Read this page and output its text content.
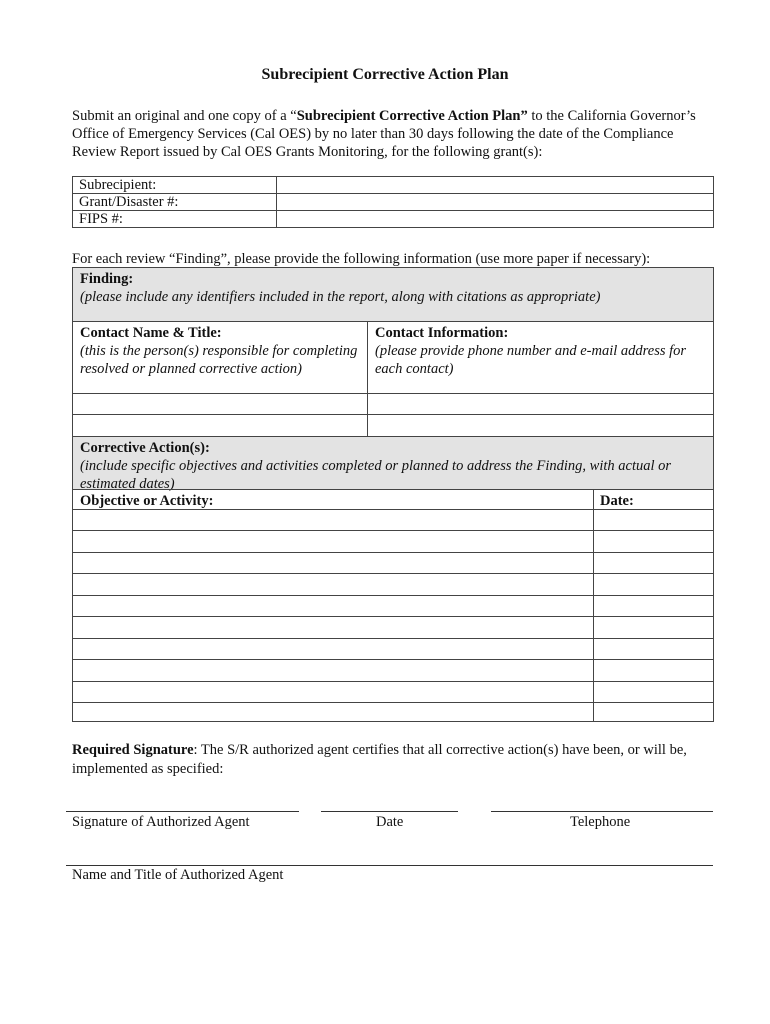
Subrecipient Corrective Action Plan
Submit an original and one copy of a “Subrecipient Corrective Action Plan” to the California Governor’s Office of Emergency Services (Cal OES) by no later than 30 days following the date of the Compliance Review Report issued by Cal OES Grants Monitoring, for the following grant(s):
Subrecipient:	
Grant/Disaster #:	
FIPS #:	
For each review “Finding”, please provide the following information (use more paper if necessary):
Finding:
(please include any identifiers included in the report, along with citations as appropriate)
Contact Name & Title:
(this is the person(s) responsible for completing resolved or planned corrective action)
Contact Information:
(please provide phone number and e-mail address for each contact)
Corrective Action(s):
(include specific objectives and activities completed or planned to address the Finding, with actual or estimated dates)
Objective or Activity:	Date:
Required Signature: The S/R authorized agent certifies that all corrective action(s) have been, or will be, implemented as specified:
Signature of Authorized Agent	Date	Telephone
Name and Title of Authorized Agent
